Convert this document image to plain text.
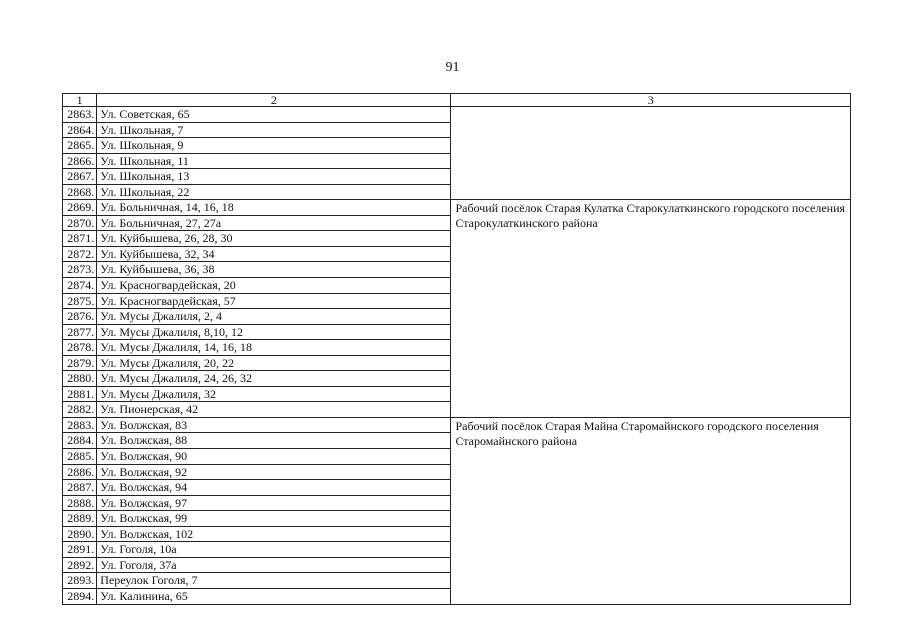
91
1	2	3
2863.	Ул. Советская, 65	
2864.	Ул. Школьная, 7	
2865.	Ул. Школьная, 9	
2866.	Ул. Школьная, 11	
2867.	Ул. Школьная, 13	
2868.	Ул. Школьная, 22	
2869.	Ул. Больничная, 14, 16, 18	Рабочий посёлок Старая Кулатка Старокулаткинского городского поселения Старокулаткинского района
2870.	Ул. Больничная, 27, 27а	
2871.	Ул. Куйбышева, 26, 28, 30	
2872.	Ул. Куйбышева, 32, 34	
2873.	Ул. Куйбышева, 36, 38	
2874.	Ул. Красногвардейская, 20	
2875.	Ул. Красногвардейская, 57	
2876.	Ул. Мусы Джалиля, 2, 4	
2877.	Ул. Мусы Джалиля, 8,10, 12	
2878.	Ул. Мусы Джалиля, 14, 16, 18	
2879.	Ул. Мусы Джалиля, 20, 22	
2880.	Ул. Мусы Джалиля, 24, 26, 32	
2881.	Ул. Мусы Джалиля, 32	
2882.	Ул. Пионерская, 42	
2883.	Ул. Волжская, 83	Рабочий посёлок Старая Майна Старомайнского городского поселения Старомайнского района
2884.	Ул. Волжская, 88	
2885.	Ул. Волжская, 90	
2886.	Ул. Волжская, 92	
2887.	Ул. Волжская, 94	
2888.	Ул. Волжская, 97	
2889.	Ул. Волжская, 99	
2890.	Ул. Волжская, 102	
2891.	Ул. Гоголя, 10а	
2892.	Ул. Гоголя, 37а	
2893.	Переулок Гоголя, 7	
2894.	Ул. Калинина, 65	
